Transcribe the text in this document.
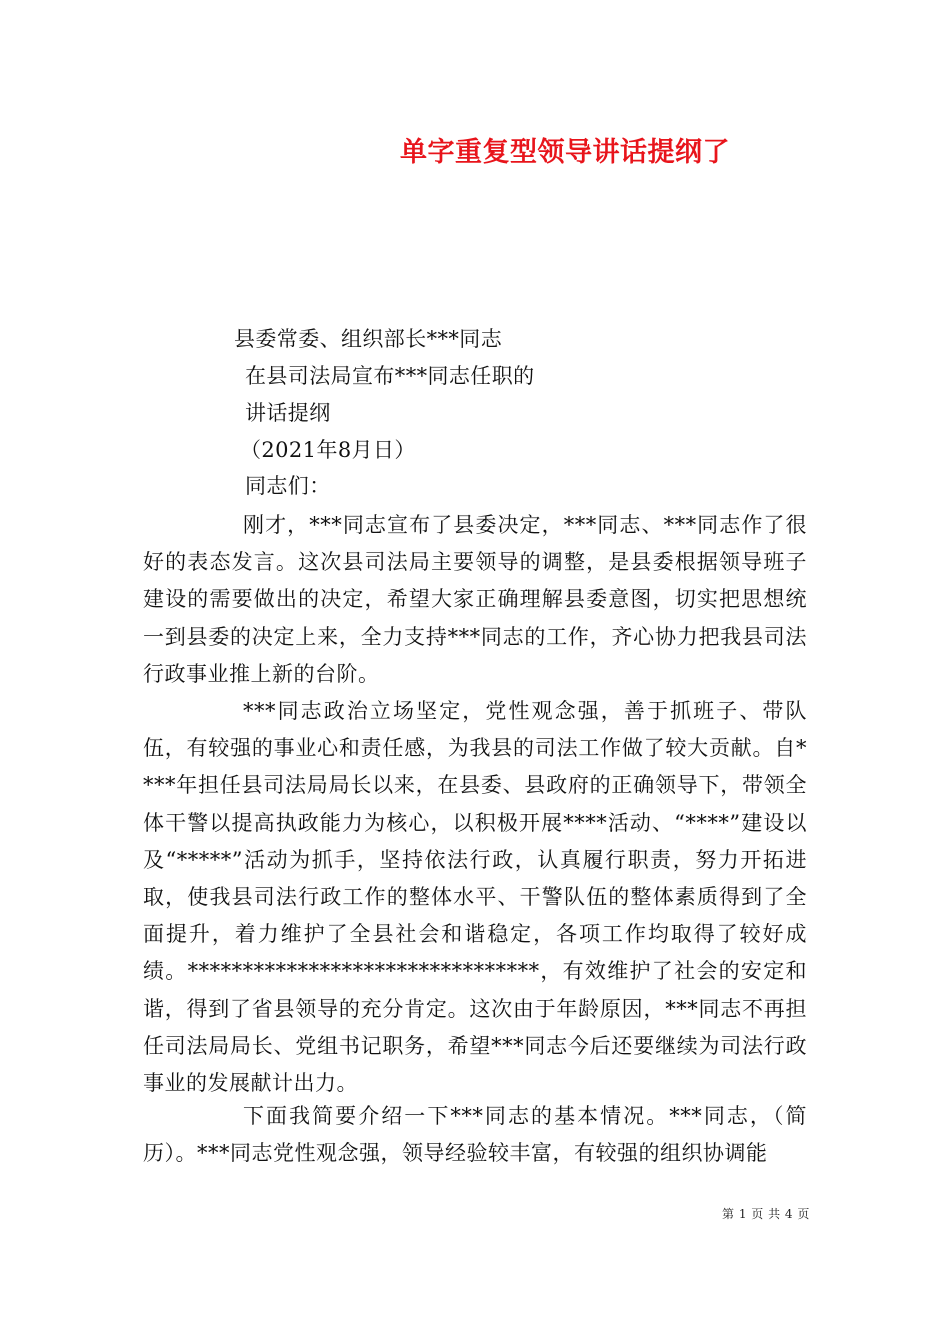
单字重复型领导讲话提纲了
县委常委、组织部长***同志
在县司法局宣布***同志任职的
讲话提纲
（2021年8月日）
同志们：
刚才，***同志宣布了县委决定，***同志、***同志作了很好的表态发言。这次县司法局主要领导的调整，是县委根据领导班子建设的需要做出的决定，希望大家正确理解县委意图，切实把思想统一到县委的决定上来，全力支持***同志的工作，齐心协力把我县司法行政事业推上新的台阶。
***同志政治立场坚定，党性观念强，善于抓班子、带队伍，有较强的事业心和责任感，为我县的司法工作做了较大贡献。自****年担任县司法局局长以来，在县委、县政府的正确领导下，带领全体干警以提高执政能力为核心，以积极开展****活动、“****”建设以及“*****”活动为抓手，坚持依法行政，认真履行职责，努力开拓进取，使我县司法行政工作的整体水平、干警队伍的整体素质得到了全面提升，着力维护了全县社会和谐稳定，各项工作均取得了较好成绩。********************************，有效维护了社会的安定和谐，得到了省县领导的充分肯定。这次由于年龄原因，***同志不再担任司法局局长、党组书记职务，希望***同志今后还要继续为司法行政事业的发展献计出力。
下面我简要介绍一下***同志的基本情况。***同志，（简历）。***同志党性观念强，领导经验较丰富，有较强的组织协调能
第 1 页 共 4 页
